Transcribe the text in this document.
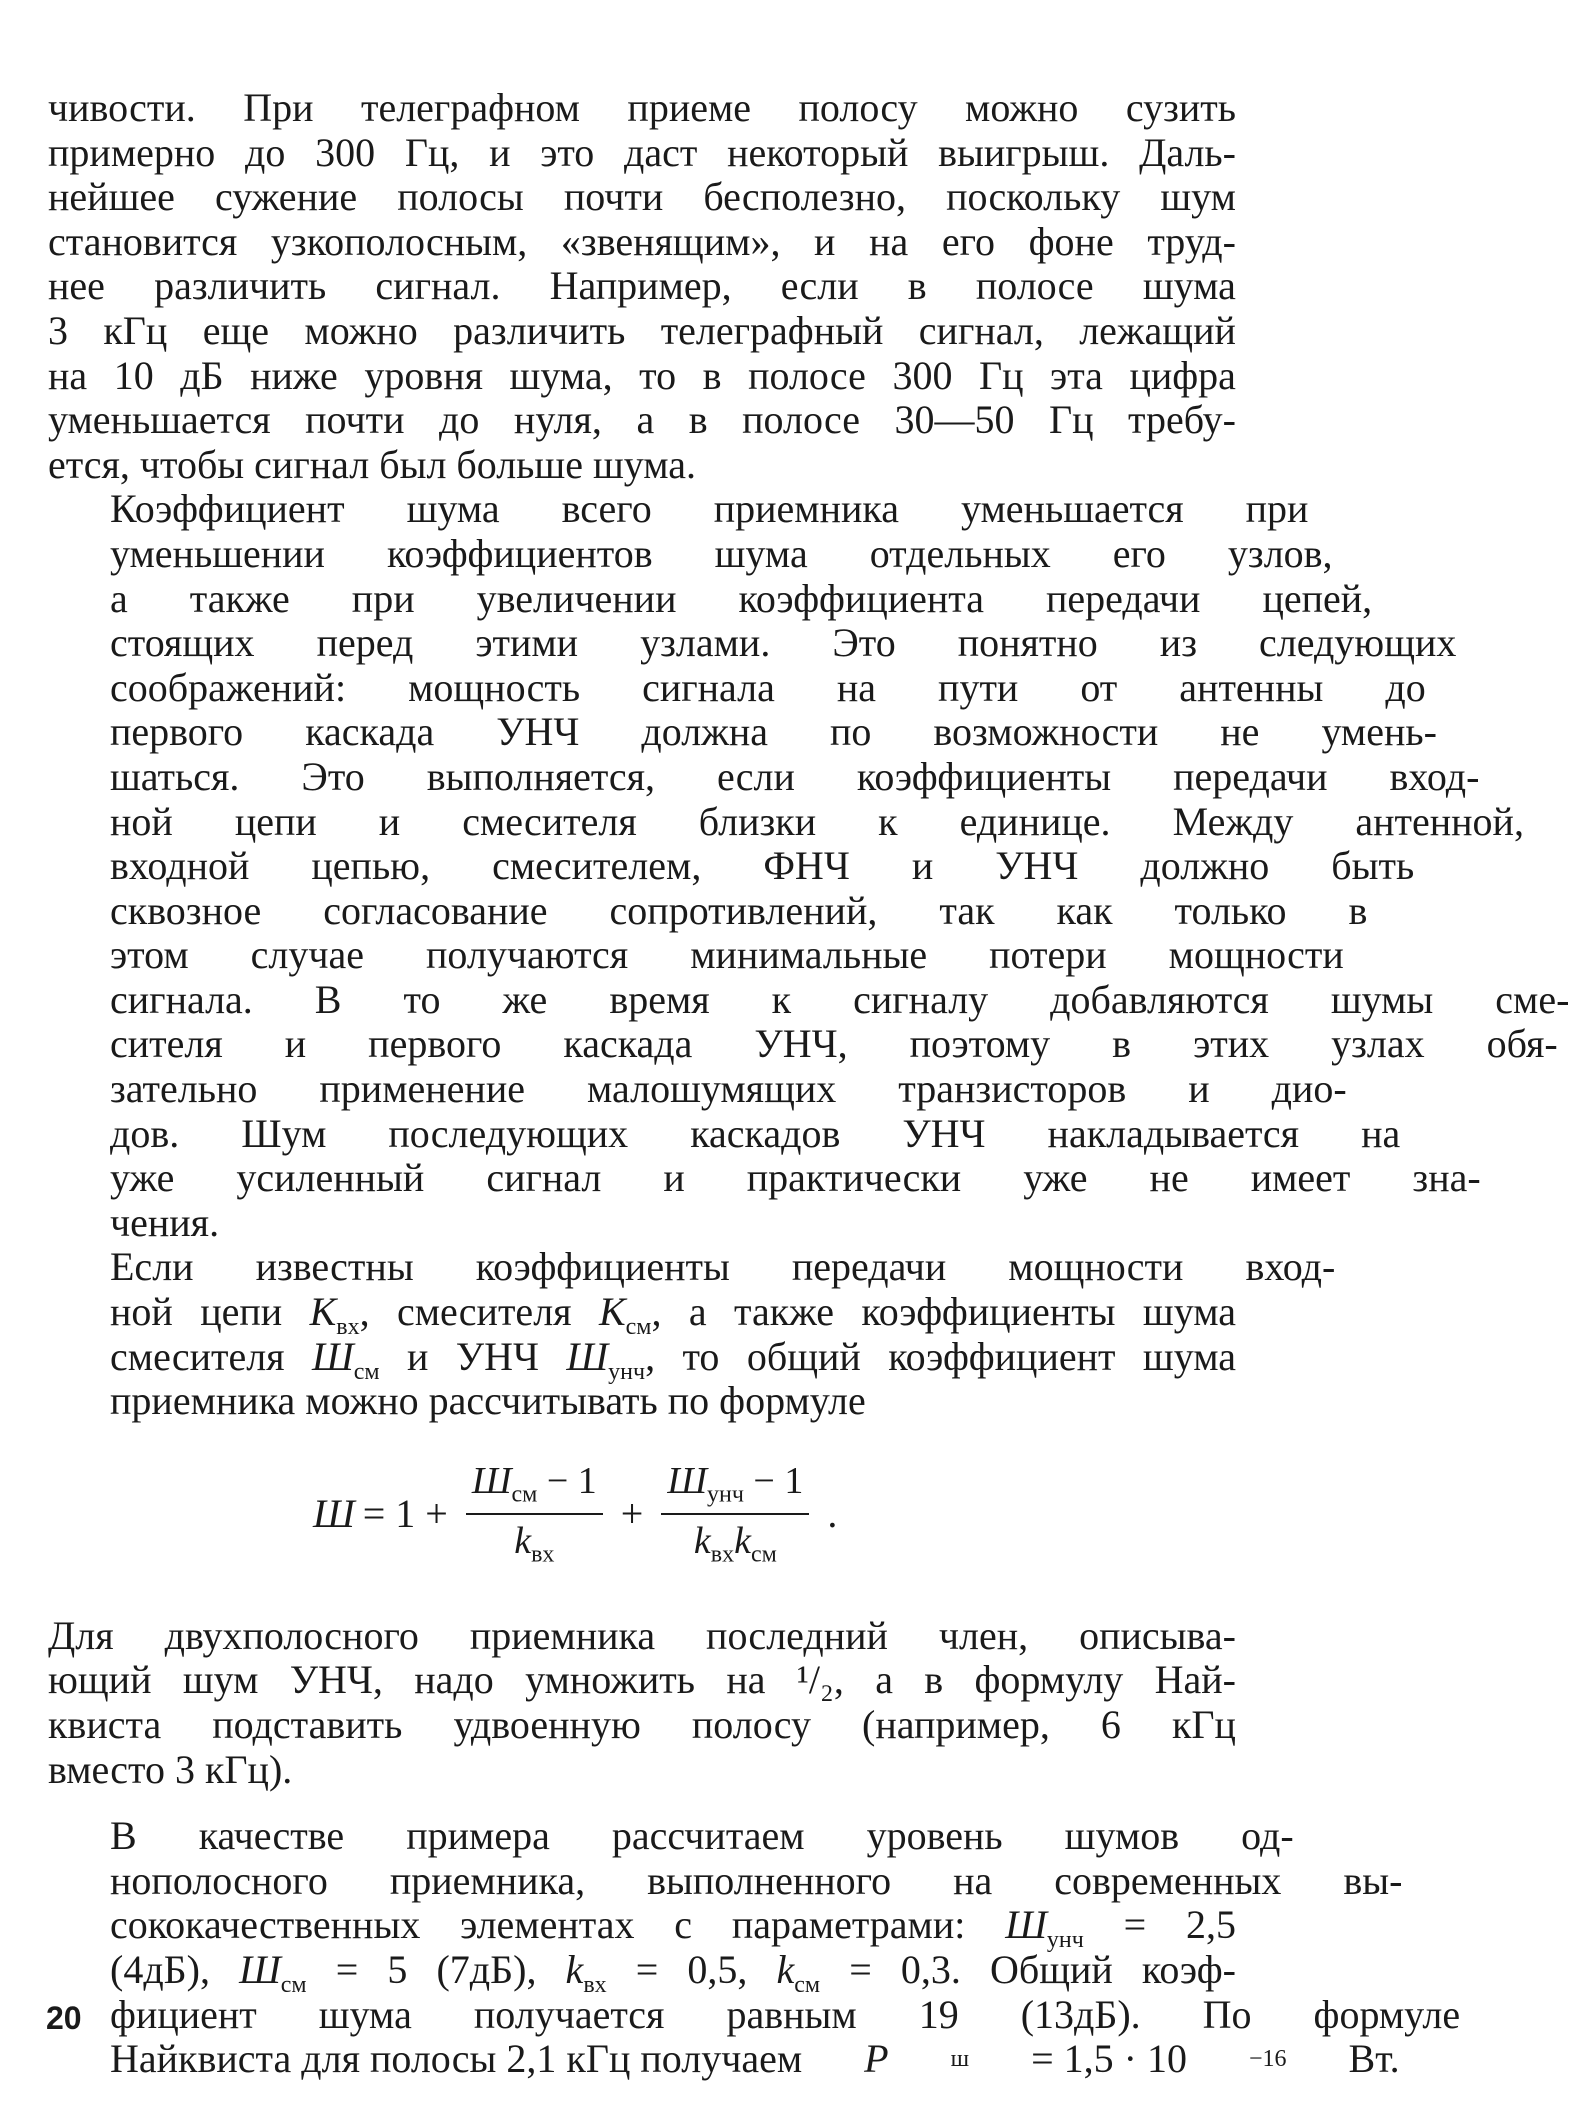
чивости. При телеграфном приеме полосу можно сузить
примерно до 300 Гц, и это даст некоторый выигрыш. Даль-
нейшее сужение полосы почти бесполезно, поскольку шум
становится узкополосным, «звенящим», и на его фоне труд-
нее различить сигнал. Например, если в полосе шума
3 кГц еще можно различить телеграфный сигнал, лежащий
на 10 дБ ниже уровня шума, то в полосе 300 Гц эта цифра
уменьшается почти до нуля, а в полосе 30—50 Гц требу-
ется, чтобы сигнал был больше шума.

Коэффициент	шума	всего	приемника	уменьшается	при
уменьшении	коэффициентов	шума	отдельных	его	узлов,
а	также	при	увеличении	коэффициента	передачи	цепей,
стоящих	перед	этими	узлами.	Это	понятно	из	следующих
соображений:	мощность	сигнала	на	пути	от	антенны	до
первого	каскада	УНЧ	должна	по	возможности	не	умень-
шаться.	Это	выполняется,	если	коэффициенты	передачи	вход-
ной	цепи	и	смесителя	близки	к	единице.	Между	антенной,
входной	цепью,	смесителем,	ФНЧ	и	УНЧ	должно	быть
сквозное	согласование	сопротивлений,	так	как	только	в
этом	случае	получаются	минимальные	потери	мощности
сигнала.	В	то	же	время	к	сигналу	добавляются	шумы	сме-
сителя	и	первого	каскада	УНЧ,	поэтому	в	этих	узлах	обя-
зательно	применение	малошумящих	транзисторов	и	дио-
дов.	Шум	последующих	каскадов	УНЧ	накладывается	на
уже	усиленный	сигнал	и	практически	уже	не	имеет	зна-
чения.

Если	известны	коэффициенты	передачи	мощности	вход-
ной цепи $K_{вх}$, смесителя $K_{см}$, а также коэффициенты шума
смесителя $Ш_{см}$ и УНЧ $Ш_{унч}$, то общий коэффициент шума
приемника можно рассчитывать по формуле

$Ш = 1 + \frac{Ш_{см} - 1}{k_{вх}} + \frac{Ш_{унч} - 1}{k_{вх}k_{см}}$ .

Для двухполосного приемника последний член, описыва-
ющий шум УНЧ, надо умножить на ¹/₂, а в формулу Най-
квиста подставить удвоенную полосу (например, 6 кГц
вместо 3 кГц).

В	качестве	примера	рассчитаем	уровень	шумов	од-
нополосного	приемника,	выполненного	на	современных	вы-
сококачественных элементах с параметрами: $Ш_{унч} = 2,5$
(4дБ), $Ш_{см} = 5$ (7дБ), $k_{вх} = 0,5$, $k_{см} = 0,3$. Общий коэф-
фициент	шума	получается	равным	19	(13дБ).	По	формуле
Найквиста для полосы 2,1 кГц получаем	P	ш	= 1,5 · 10	−16	Вт.

20
